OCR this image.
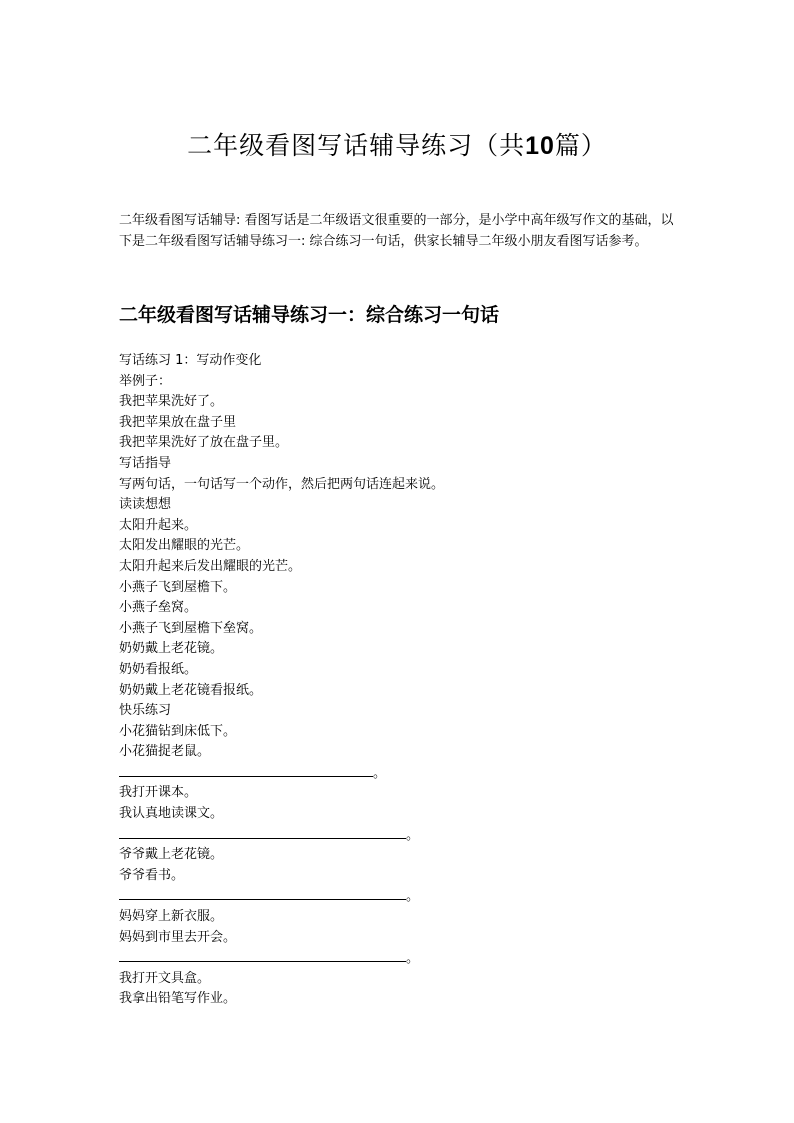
二年级看图写话辅导练习（共10篇）
二年级看图写话辅导: 看图写话是二年级语文很重要的一部分，是小学中高年级写作文的基础，以下是二年级看图写话辅导练习一: 综合练习一句话，供家长辅导二年级小朋友看图写话参考。
二年级看图写话辅导练习一：综合练习一句话
写话练习 1：写动作变化
举例子：
我把苹果洗好了。
我把苹果放在盘子里
我把苹果洗好了放在盘子里。
写话指导
写两句话，一句话写一个动作，然后把两句话连起来说。
读读想想
太阳升起来。
太阳发出耀眼的光芒。
太阳升起来后发出耀眼的光芒。
小燕子飞到屋檐下。
小燕子垒窝。
小燕子飞到屋檐下垒窝。
奶奶戴上老花镜。
奶奶看报纸。
奶奶戴上老花镜看报纸。
快乐练习
小花猫钻到床低下。
小花猫捉老鼠。
。
我打开课本。
我认真地读课文。
。
爷爷戴上老花镜。
爷爷看书。
。
妈妈穿上新衣服。
妈妈到市里去开会。
。
我打开文具盒。
我拿出铅笔写作业。
